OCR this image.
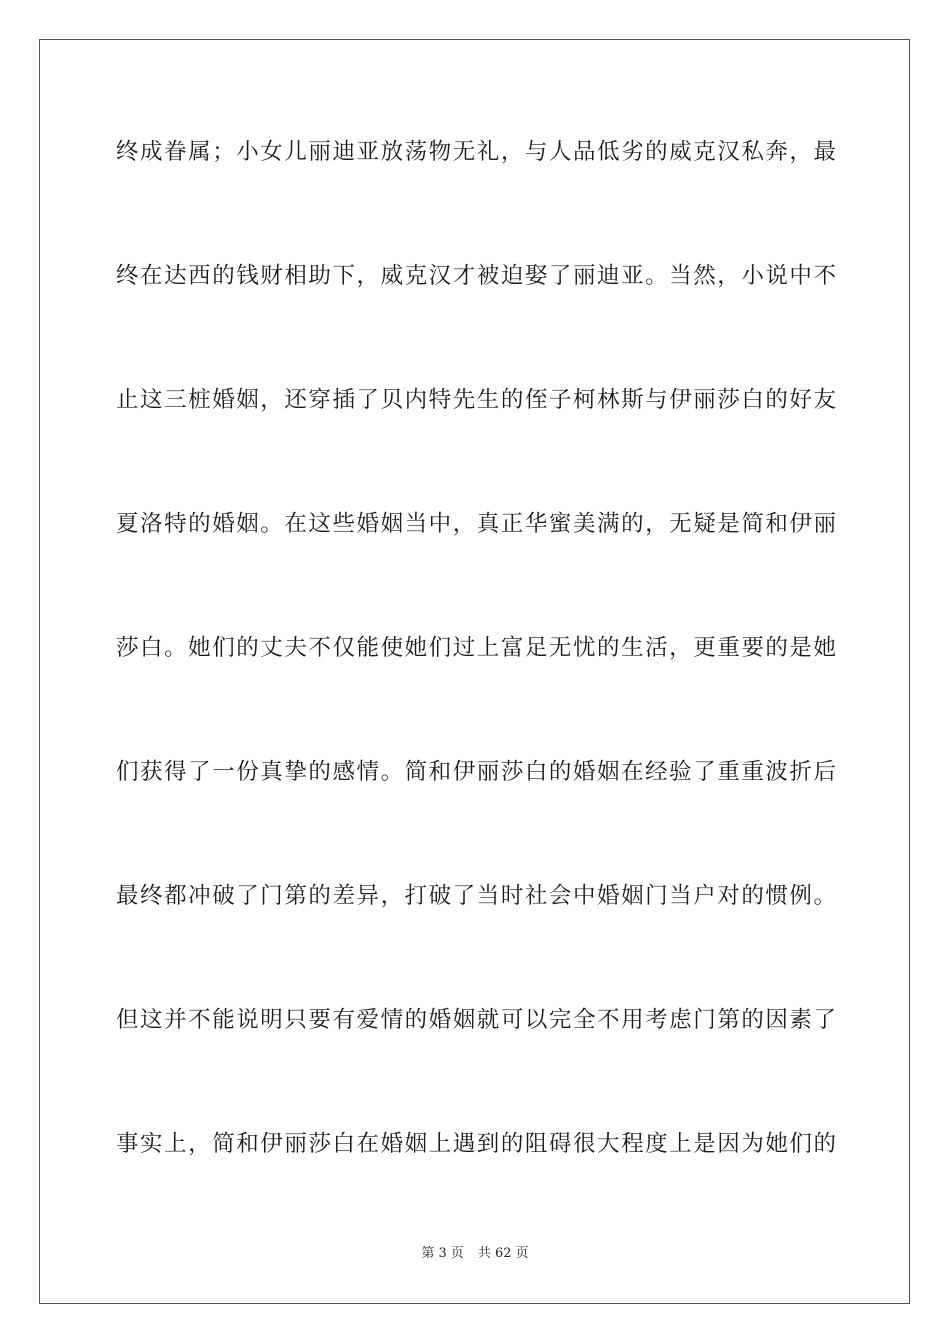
终成眷属；小女儿丽迪亚放荡物无礼，与人品低劣的威克汉私奔，最
终在达西的钱财相助下，威克汉才被迫娶了丽迪亚。当然，小说中不
止这三桩婚姻，还穿插了贝内特先生的侄子柯林斯与伊丽莎白的好友
夏洛特的婚姻。在这些婚姻当中，真正华蜜美满的，无疑是简和伊丽
莎白。她们的丈夫不仅能使她们过上富足无忧的生活，更重要的是她
们获得了一份真挚的感情。简和伊丽莎白的婚姻在经验了重重波折后
最终都冲破了门第的差异，打破了当时社会中婚姻门当户对的惯例。
但这并不能说明只要有爱情的婚姻就可以完全不用考虑门第的因素了
事实上，简和伊丽莎白在婚姻上遇到的阻碍很大程度上是因为她们的
第 3 页 共 62 页
